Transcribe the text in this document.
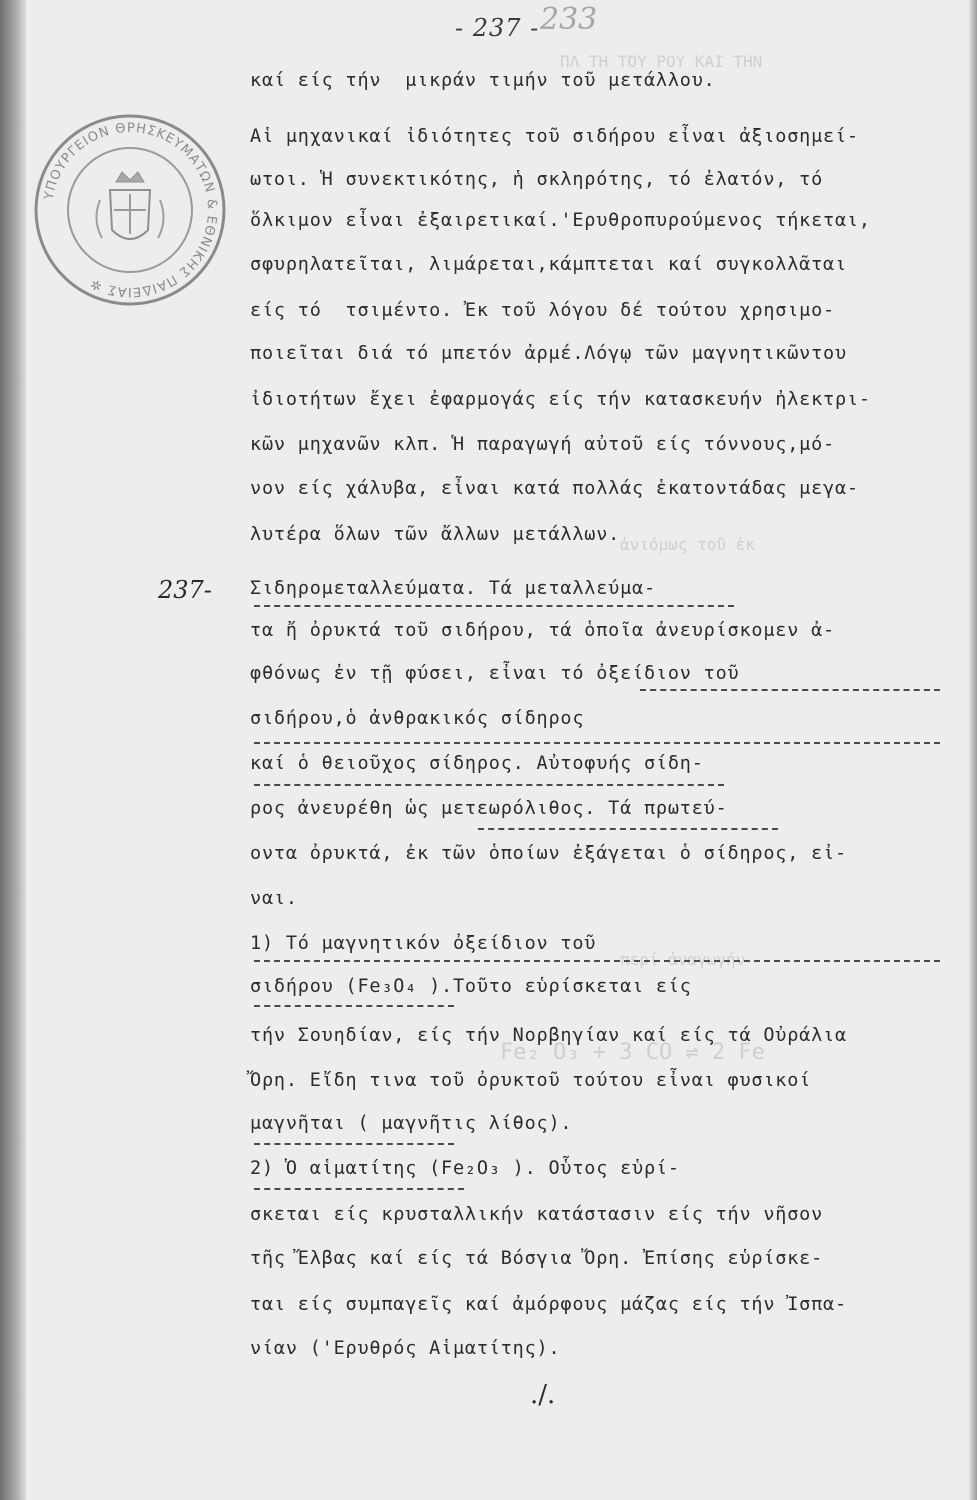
ΠΛ ΤΗ ΤΟΥ ΡΟΥ ΚΑΙ ΤΗΝ
ἀνιόμως τοῦ ἐκ
περί ἀναγωγήν
Fe₂ O₃ + 3 CO ⇌ 2 Fe
- 237 - 233
ΥΠΟΥΡΓΕΙΟΝ ΘΡΗΣΚΕΥΜΑΤΩΝ & ΕΘΝΙΚΗΣ ΠΑΙΔΕΙΑΣ ✲
237-
καί είς τήν  μικράν τιμήν τοῦ μετάλλου.
Αἱ μηχανικαί ἰδιότητες τοῦ σιδήρου εἶναι ἀξιοσημεί-
ωτοι. Ἡ συνεκτικότης, ἡ σκληρότης, τό ἐλατόν, τό
ὅλκιμον εἶναι ἐξαιρετικαί.'Ερυθροπυρούμενος τήκεται,
σφυρηλατεῖται, λιμάρεται,κάμπτεται καί συγκολλᾶται
είς τό  τσιμέντο. Ἐκ τοῦ λόγου δέ τούτου χρησιμο-
ποιεῖται διά τό μπετόν ἀρμέ.Λόγῳ τῶν μαγνητικῶντου
ἰδιοτήτων ἔχει ἐφαρμογάς είς τήν κατασκευήν ἠλεκτρι-
κῶν μηχανῶν κλπ. Ἡ παραγωγή αὐτοῦ είς τόννους,μό-
νον είς χάλυβα, εἶναι κατά πολλάς ἑκατοντάδας μεγα-
λυτέρα ὅλων τῶν ἄλλων μετάλλων.
Σιδηρομεταλλεύματα. Τά μεταλλεύμα-
τα ἤ ὀρυκτά τοῦ σιδήρου, τά ὁποῖα ἀνευρίσκομεν ἀ-
φθόνως ἐν τῇ φύσει, εἶναι τό ὀξείδιον τοῦ
σιδήρου,ὁ ἀνθρακικός σίδηρος
καί ὁ θειοῦχος σίδηρος. Αὐτοφυής σίδη-
ρος ἀνευρέθη ὡς μετεωρόλιθος. Τά πρωτεύ-
οντα ὀρυκτά, ἐκ τῶν ὁποίων ἐξάγεται ὁ σίδηρος, εἰ-
ναι.
1) Τό μαγνητικόν ὀξείδιον τοῦ
σιδήρου (Fe₃O₄ ).Τοῦτο εὑρίσκεται είς
τήν Σουηδίαν, είς τήν Νορβηγίαν καί είς τά Οὐράλια
Ὄρη. Εἴδη τινα τοῦ ὀρυκτοῦ τούτου εἶναι φυσικοί
μαγνῆται ( μαγνῆτις λίθος).
2) Ὁ αἱματίτης (Fe₂O₃ ). Οὗτος εὑρί-
σκεται είς κρυσταλλικήν κατάστασιν είς τήν νῆσον
τῆς Ἔλβας καί είς τά Βόσγια Ὄρη. Ἐπίσης εὑρίσκε-
ται είς συμπαγεῖς καί ἀμόρφους μάζας είς τήν Ἰσπα-
νίαν ('Ερυθρός Αἱματίτης).
./.
